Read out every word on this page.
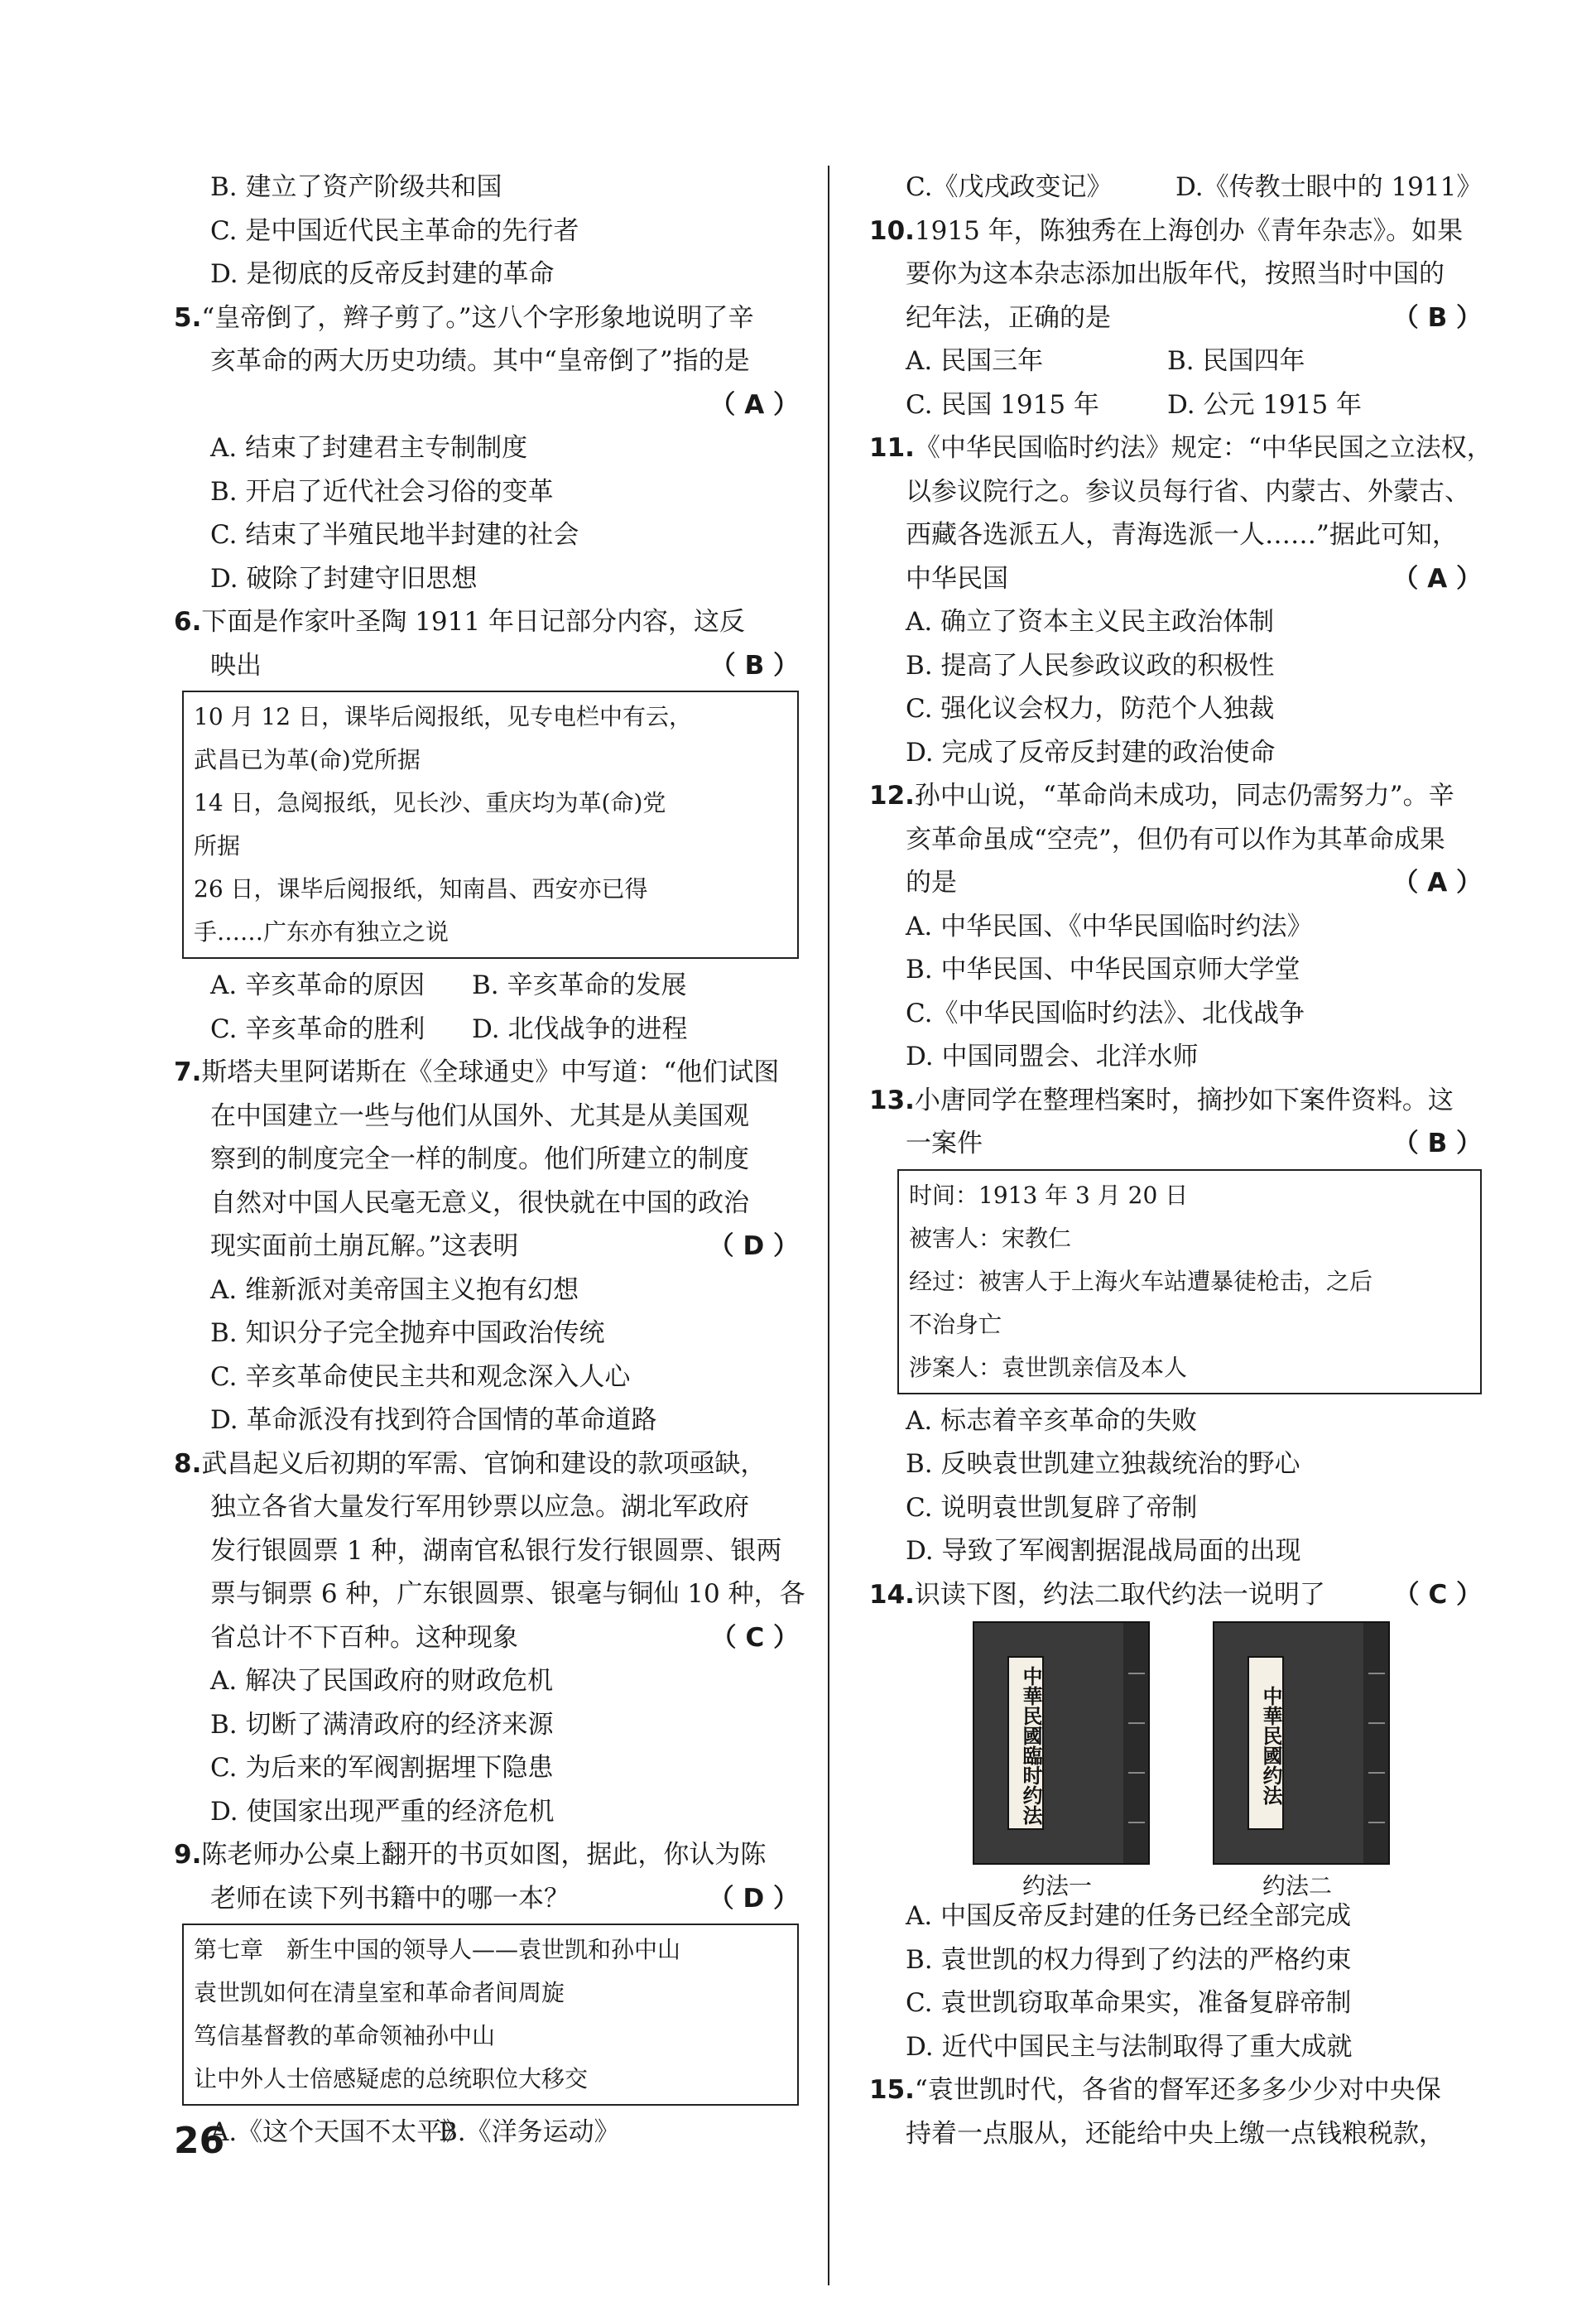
B. 建立了资产阶级共和国
C. 是中国近代民主革命的先行者
D. 是彻底的反帝反封建的革命
5.“皇帝倒了，辫子剪了。”这八个字形象地说明了辛
亥革命的两大历史功绩。其中“皇帝倒了”指的是
（ A ）
A. 结束了封建君主专制制度
B. 开启了近代社会习俗的变革
C. 结束了半殖民地半封建的社会
D. 破除了封建守旧思想
6.下面是作家叶圣陶 1911 年日记部分内容，这反
映出	（ B ）
10 月 12 日，课毕后阅报纸，见专电栏中有云，
武昌已为革(命)党所据
14 日，急阅报纸，见长沙、重庆均为革(命)党
所据
26 日，课毕后阅报纸，知南昌、西安亦已得
手……广东亦有独立之说
A. 辛亥革命的原因 B. 辛亥革命的发展
C. 辛亥革命的胜利 D. 北伐战争的进程
7.斯塔夫里阿诺斯在《全球通史》中写道：“他们试图
在中国建立一些与他们从国外、尤其是从美国观
察到的制度完全一样的制度。他们所建立的制度
自然对中国人民毫无意义，很快就在中国的政治
现实面前土崩瓦解。”这表明	（ D ）
A. 维新派对美帝国主义抱有幻想
B. 知识分子完全抛弃中国政治传统
C. 辛亥革命使民主共和观念深入人心
D. 革命派没有找到符合国情的革命道路
8.武昌起义后初期的军需、官饷和建设的款项亟缺，
独立各省大量发行军用钞票以应急。湖北军政府
发行银圆票 1 种，湖南官私银行发行银圆票、银两
票与铜票 6 种，广东银圆票、银毫与铜仙 10 种，各
省总计不下百种。这种现象	（ C ）
A. 解决了民国政府的财政危机
B. 切断了满清政府的经济来源
C. 为后来的军阀割据埋下隐患
D. 使国家出现严重的经济危机
9.陈老师办公桌上翻开的书页如图，据此，你认为陈
老师在读下列书籍中的哪一本？	（ D ）
第七章　新生中国的领导人——袁世凯和孙中山
袁世凯如何在清皇室和革命者间周旋
笃信基督教的革命领袖孙中山
让中外人士倍感疑虑的总统职位大移交
A.《这个天国不太平》
B.《洋务运动》
C.《戊戌政变记》 D.《传教士眼中的 1911》
10.1915 年，陈独秀在上海创办《青年杂志》。如果
要你为这本杂志添加出版年代，按照当时中国的
纪年法，正确的是	（ B ）
A. 民国三年	B. 民国四年
C. 民国 1915 年	D. 公元 1915 年
11.《中华民国临时约法》规定：“中华民国之立法权，
以参议院行之。参议员每行省、内蒙古、外蒙古、
西藏各选派五人，青海选派一人……”据此可知，
中华民国	（ A ）
A. 确立了资本主义民主政治体制
B. 提高了人民参政议政的积极性
C. 强化议会权力，防范个人独裁
D. 完成了反帝反封建的政治使命
12.孙中山说，“革命尚未成功，同志仍需努力”。辛
亥革命虽成“空壳”，但仍有可以作为其革命成果
的是	（ A ）
A. 中华民国、《中华民国临时约法》
B. 中华民国、中华民国京师大学堂
C.《中华民国临时约法》、北伐战争
D. 中国同盟会、北洋水师
13.小唐同学在整理档案时，摘抄如下案件资料。这
一案件	（ B ）
时间：1913 年 3 月 20 日
被害人：宋教仁
经过：被害人于上海火车站遭暴徒枪击，之后
不治身亡
涉案人：袁世凯亲信及本人
A. 标志着辛亥革命的失败
B. 反映袁世凯建立独裁统治的野心
C. 说明袁世凯复辟了帝制
D. 导致了军阀割据混战局面的出现
14.识读下图，约法二取代约法一说明了	（ C ）
中華民國臨时约法	中華民國约法
约法一	约法二
A. 中国反帝反封建的任务已经全部完成
B. 袁世凯的权力得到了约法的严格约束
C. 袁世凯窃取革命果实，准备复辟帝制
D. 近代中国民主与法制取得了重大成就
15.“袁世凯时代，各省的督军还多多少少对中央保
持着一点服从，还能给中央上缴一点钱粮税款，
26
